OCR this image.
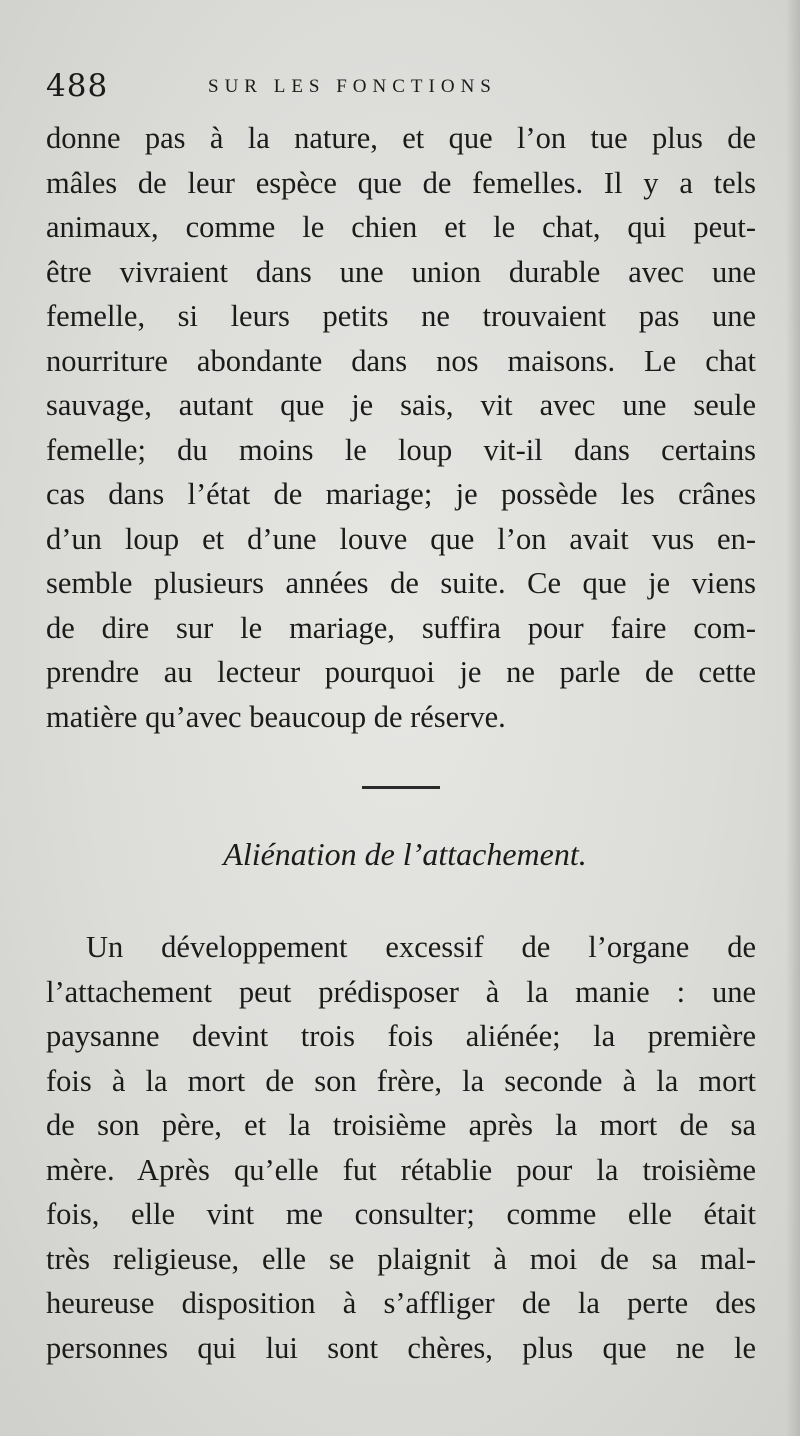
488	SUR LES FONCTIONS
donne pas à la nature, et que l’on tue plus de
mâles de leur espèce que de femelles. Il y a tels
animaux, comme le chien et le chat, qui peut-
être vivraient dans une union durable avec une
femelle, si leurs petits ne trouvaient pas une
nourriture abondante dans nos maisons. Le chat
sauvage, autant que je sais, vit avec une seule
femelle; du moins le loup vit-il dans certains
cas dans l’état de mariage; je possède les crânes
d’un loup et d’une louve que l’on avait vus en-
semble plusieurs années de suite. Ce que je viens
de dire sur le mariage, suffira pour faire com-
prendre au lecteur pourquoi je ne parle de cette
matière qu’avec beaucoup de réserve.
Aliénation de l’attachement.
Un développement excessif de l’organe de
l’attachement peut prédisposer à la manie : une
paysanne devint trois fois aliénée; la première
fois à la mort de son frère, la seconde à la mort
de son père, et la troisième après la mort de sa
mère. Après qu’elle fut rétablie pour la troisième
fois, elle vint me consulter; comme elle était
très religieuse, elle se plaignit à moi de sa mal-
heureuse disposition à s’affliger de la perte des
personnes qui lui sont chères, plus que ne le
